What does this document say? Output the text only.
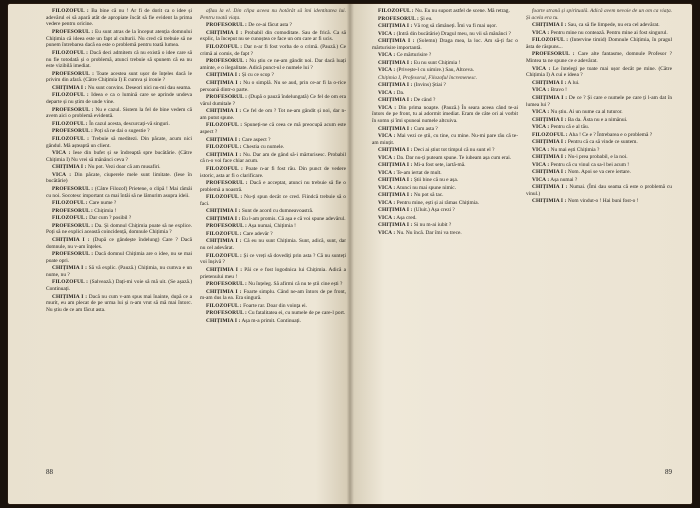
FILOZOFUL : Ba bine că nu ! Ar fi de dorit ca o idee și adevărul ei să apară atât de apropiate încât să fie evident la prima vedere pentru oricine.
PROFESORUL : Eu sunt atras de la început atenția domnului Chițimia că ideea este un fapt al culturii. Nu cred că trebuie să ne punem întrebarea dacă ea este o problemă pentru toată lumea.
FILOZOFUL : Dacă deci admitem că nu există o idee care să nu fie totodată și o problemă, atunci trebuie să spunem că ea nu este vizibilă imediat.
PROFESORUL : Toate acestea sunt ușor de înțeles dacă le privim din afară. (Către Chițimia I) E cumva și ironie ?
CHIȚIMIA I : Nu sunt convins. Deseori nici nu-mi dau seama.
FILOZOFUL : Ideea e ca o lumină care se aprinde undeva departe și nu știm de unde vine.
PROFESORUL : Nu e cazul. Sistem la fel de bine vedem că avem aici o problemă evidentă.
FILOZOFUL : În cazul acesta, descurcați-vă singuri.
PROFESORUL : Poți să ne dai o sugestie ?
FILOZOFUL : Trebuie să meditezi. Din păcate, acum nici gândul. Mă așteaptă un client.
VICA : Iese din bufet și se îndreaptă spre bucătărie. (Către Chițimia I) Nu vrei să mănânci ceva ?
CHIȚIMIA I : Nu pot. Vezi doar că am musafiri.
VICA : Din păcate, ciuperele mele sunt limitate. (Iese în bucătărie)
PROFESORUL : (Către Filozof) Prietene, o clipă ! Mai rămâi cu noi. Socotesc important ca mai întâi să ne lămurim asupra ideii.
FILOZOFUL : Care nume ?
PROFESORUL : Chițimia !
FILOZOFUL : Dar cum ? posibil ?
PROFESORUL : Da. Și domnul Chițimia poate să ne explice. Poți să ne explici această coincidență, domnule Chițimia ?
CHIȚIMIA I : (După ce gândește îndelung) Care ? Dacă domnule, nu v-am înțeles.
PROFESORUL : Dacă domnul Chițimia are o idee, nu se mai poate opri.
CHIȚIMIA I : Să vă explic. (Pauză.) Chițimia, nu cumva e un nume, nu ?
FILOZOFUL : (Salvează.) Dați-mi voie să mă uit. (Se așază.) Continuați.
CHIȚIMIA I : Dacă nu cum v-am spus mai înainte, după ce a murit, eu am plecat de pe urma lui și n-am vrut să mă mai întorc. Nu știu de ce am făcut asta.
aflau la el. Din clipa aceea nu hotărât să îmi identitatea lui. Pentru toată viața.
PROFESORUL : De ce-ai făcut asta ?
CHIȚIMIA I : Probabil din comoditate. Sau de frică. Ca să explic, la început nu se cunoștea ce face un om care ar fi ucis.
FILOZOFUL : Dar n-ar fi fost vorba de o crimă. (Pauză.) Ce crimă ai comis, de fapt ?
PROFESORUL : Nu știu ce ne-am gândit noi. Dar dacă luați aminte, e o ilegalitate. Adică punct-ul e numele lui ?
CHIȚIMIA I : Și cu ce scop ?
CHIȚIMIA I : Nu o simplă. Nu se aud, prin ce-ar fi la o-rice persoană dintr-o parte.
PROFESORUL : (După o pauză îndelungată) Ce fel de om era vărul dumitale ?
CHIȚIMIA I : Ce fel de om ? Tot ne-am gândit și noi, dar n-am putut spune.
FILOZOFUL : Spuneți-ne că ceea ce mă preocupă acum este aspect ?
CHIȚIMIA I : Care aspect ?
FILOZOFUL : Chestia cu numele.
CHIȚIMIA I : Nu. Dar am de gând să-i mărturisesc. Probabil că n-o voi face chiar acum.
FILOZOFUL : Poate n-ar fi fost rău. Din punct de vedere istoric, asta ar fi o clarificare.
PROFESORUL : Dacă e acceptat, atunci nu trebuie să fie o problemă a noastră.
FILOZOFUL : Nu-ți spun decât ce cred. Fiindcă trebuie să o faci.
CHIȚIMIA I : Sunt de acord cu dumneavoastră.
CHIȚIMIA I : Eu l-am promis. Că așa e că voi spune adevărul.
PROFESORUL : Așa numai, Chițimia !
FILOZOFUL : Care adevăr ?
CHIȚIMIA I : Că eu nu sunt Chițimia. Sunt, adică, sunt, dar nu cel adevărat.
FILOZOFUL : Și ce vreți să dovediți prin asta ? Că nu sunteți voi înșivă ?
CHIȚIMIA I : Păi ce e fost logodnica lui Chițimia. Adică a prietenului meu !
PROFESORUL : Nu înțeleg. Să afirmi că nu te știi cine ești ?
CHIȚIMIA I : Foarte simplu. Când ne-am întors de pe front, m-am dus la ea. Era singură.
FILOZOFUL : Foarte rar. Doar din voinţa ei.
PROFESORUL : Cu fatalitatea ei, cu numele de pe care-l port.
CHIȚIMIA I : Așa m-a primit. Continuați.
88
FILOZOFUL : Nu. Eu nu suport astfel de scene. Mă retrag.
PROFESORUL : Și eu.
CHIȚIMIA I : Vă rog să rămâneți. Îmi va fi mai ușor.
VICA : (Intră din bucătărie) Dragul meu, nu vii să mănânci ?
CHIȚIMIA I : (Solemn) Draga mea, la loc. Am să-ți fac o mărturisire importantă.
VICA : Ce mărturisire ?
CHIȚIMIA I : Eu nu sunt Chițimia !
VICA : (Privește-l cu uimire.) Sau, Altceva.
Chițimia I, Profesorul, Filozoful încremenesc.
CHIȚIMIA I : (Invins) Știai ?
VICA : Da.
CHIȚIMIA I : De când ?
VICA : Din prima noapte. (Pauză.) În seara aceea când te-ai întors de pe front, tu ai adormit imediat. Eram de câte ori ai vorbit în somn și îmi spuneai numele altcuiva.
CHIȚIMIA I : Cum asta ?
VICA : Mai vezi ce știi, cu tine, cu mine. Nu-mi pare rău că te-am mințit.
CHIȚIMIA I : Deci ai știut tot timpul că nu sunt el ?
VICA : Da. Dar nu-ți puteam spune. Te iubeam așa cum erai.
CHIȚIMIA I : Mi-a fost sete, iartă-mă.
VICA : Te-am iertat de mult.
CHIȚIMIA I : Știi bine că nu e așa.
VICA : Atunci nu mai spune nimic.
CHIȚIMIA I : Nu pot să tac.
VICA : Pentru mine, ești și ai rămas Chițimia.
CHIȚIMIA I : (Uluit.) Așa crezi ?
VICA : Așa cred.
CHIȚIMIA I : Si nu m-ai iubit ?
VICA : Nu. Nu încă. Dar îmi va trece.
foarte strană și spirituală. Adică avem nevoie de un om ca viața. Și acela era tu.
CHIȚIMIA I : Sau, ca să fie limpede, nu era cel adevărat.
VICA : Pentru mine nu contează. Pentru mine ai fost singurul.
FILOZOFUL : (Intervine timid) Domnule Chițimia, în pragul ăsta de răspuns...
PROFESORUL : Care alte fantasme, domnule Profesor ? Mintea ta ne spune ce e adevărat.
VICA : Le întelegi pe toate mai ușor decât pe mine. (Către Chițimia I) A cui e ideea ?
CHIȚIMIA I : A lui.
VICA : Bravo !
CHIȚIMIA I : De ce ? Și care e numele pe care ți l-am dat în lumea lui ?
VICA : Nu știu. Ai un nume ca al tuturor.
CHIȚIMIA I : Ba da. Ăsta nu e a nimănui.
VICA : Pentru că e al tău.
FILOZOFUL : Aha ! Ce e ? Întrebarea e o problemă ?
CHIȚIMIA I : Pentru că ca să vinde ce suntem.
VICA : Nu mai ești Chițimia ?
CHIȚIMIA I : Nu-i prea probabil, e la noi.
VICA : Pentru că cu vinul ca sa-l bei acum !
CHIȚIMIA I : Nom. Apoi se va cere iertare.
VICA : Așa numai ?
CHIȚIMIA I : Numai. (Îmi dau seama că este o problemă cu vinul.)
CHIȚIMIA I : Nom vindut-o ! Hai buni fost-o !
89
